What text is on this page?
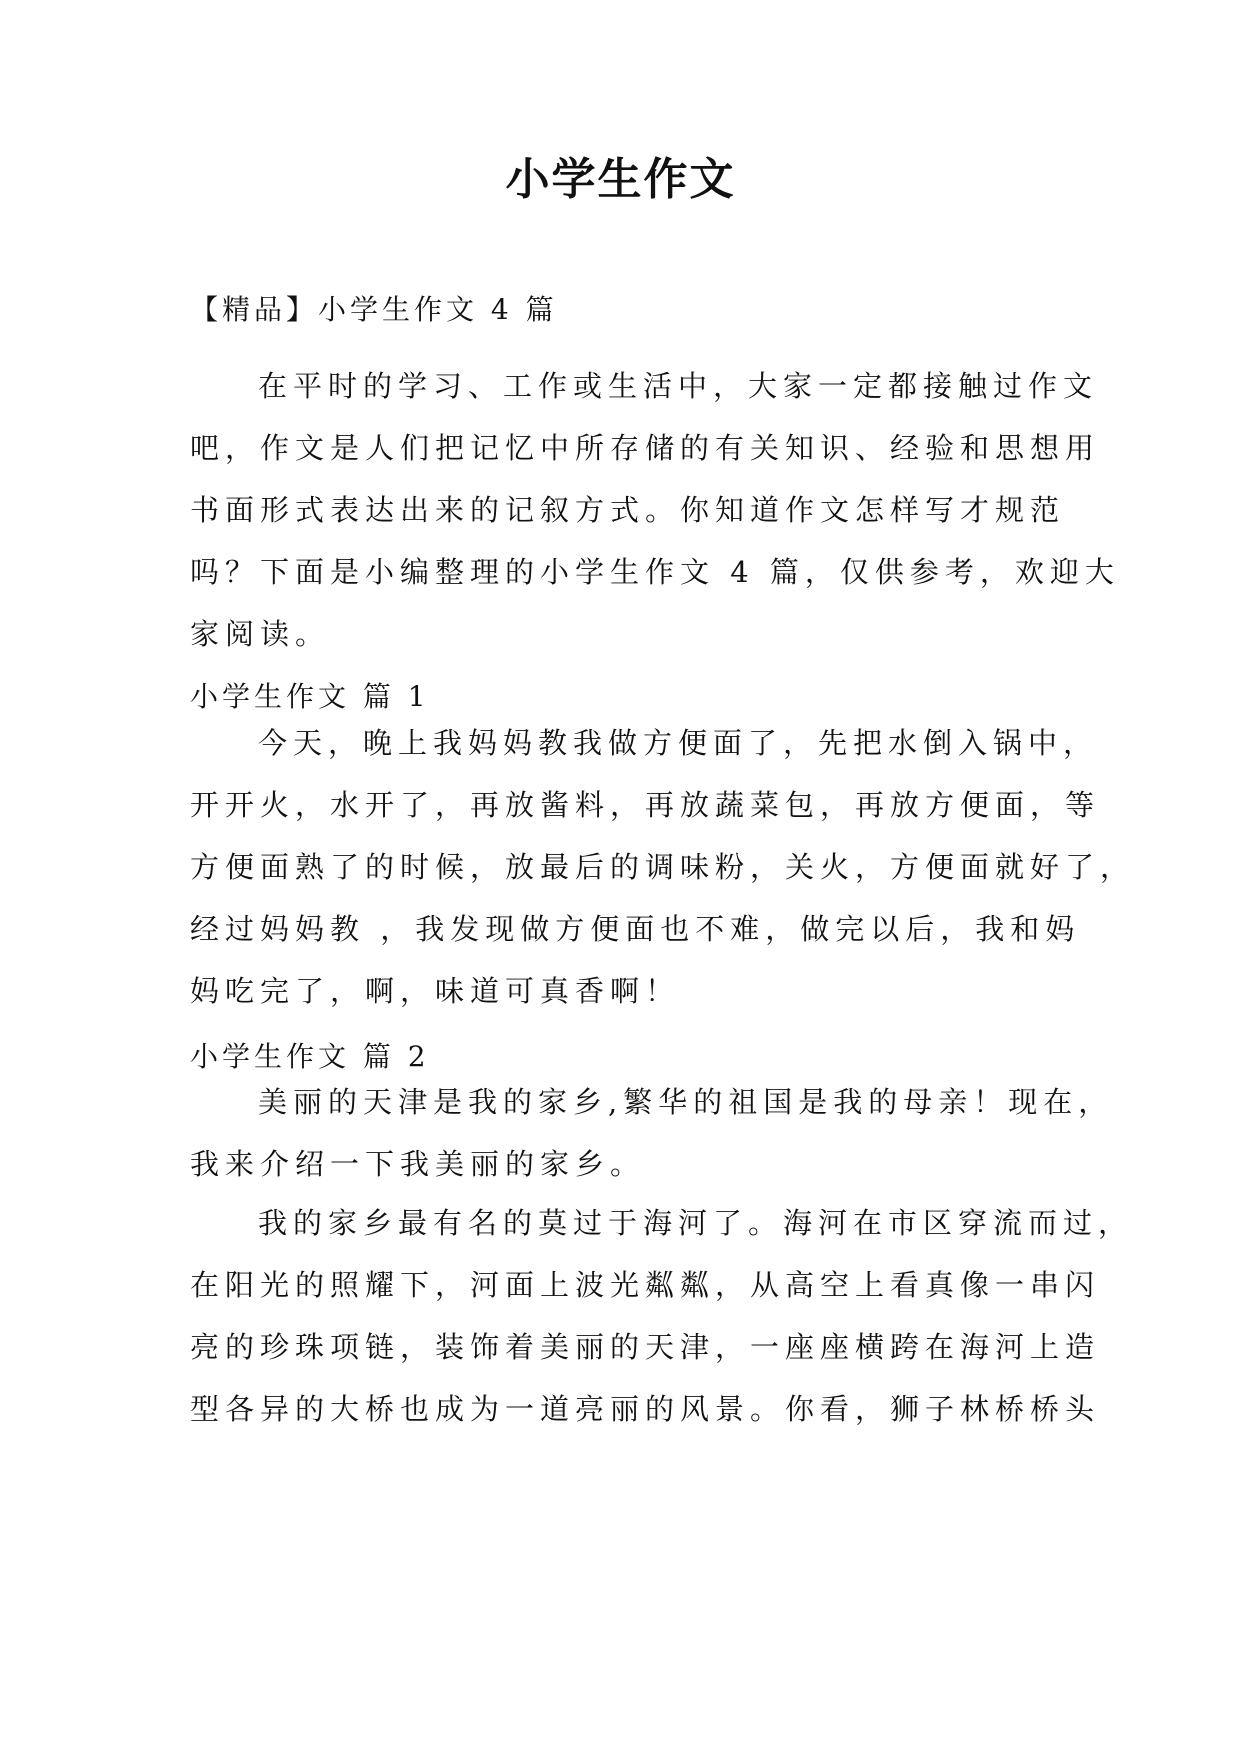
小学生作文
【精品】小学生作文 4 篇
在平时的学习、工作或生活中，大家一定都接触过作文
吧，作文是人们把记忆中所存储的有关知识、经验和思想用
书面形式表达出来的记叙方式。你知道作文怎样写才规范
吗？下面是小编整理的小学生作文 4 篇，仅供参考，欢迎大
家阅读。
小学生作文 篇 1
今天，晚上我妈妈教我做方便面了，先把水倒入锅中，
开开火，水开了，再放酱料，再放蔬菜包，再放方便面，等
方便面熟了的时候，放最后的调味粉，关火，方便面就好了，
经过妈妈教 ，我发现做方便面也不难，做完以后，我和妈
妈吃完了，啊，味道可真香啊！
小学生作文 篇 2
美丽的天津是我的家乡,繁华的祖国是我的母亲！现在，
我来介绍一下我美丽的家乡。
我的家乡最有名的莫过于海河了。海河在市区穿流而过，
在阳光的照耀下，河面上波光粼粼，从高空上看真像一串闪
亮的珍珠项链，装饰着美丽的天津，一座座横跨在海河上造
型各异的大桥也成为一道亮丽的风景。你看，狮子林桥桥头
